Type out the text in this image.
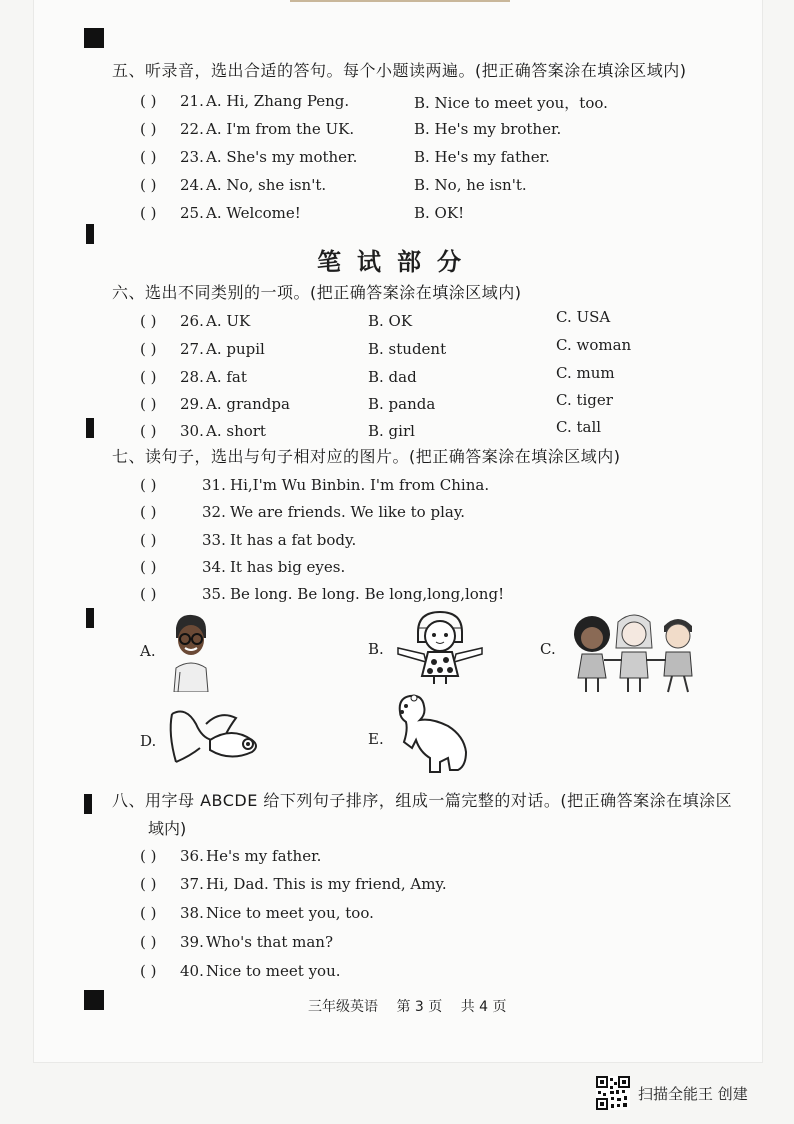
五、听录音，选出合适的答句。每个小题读两遍。(把正确答案涂在填涂区域内)
( ) 21. A. Hi, Zhang Peng.	B. Nice to meet you，too.
( ) 22. A. I'm from the UK.	B. He's my brother.
( ) 23. A. She's my mother.	B. He's my father.
( ) 24. A. No, she isn't.	B. No, he isn't.
( ) 25. A. Welcome!	B. OK!
笔试部分
六、选出不同类别的一项。(把正确答案涂在填涂区域内)
( ) 26. A. UK	B. OK	C. USA
( ) 27. A. pupil	B. student	C. woman
( ) 28. A. fat	B. dad	C. mum
( ) 29. A. grandpa	B. panda	C. tiger
( ) 30. A. short	B. girl	C. tall
七、读句子，选出与句子相对应的图片。(把正确答案涂在填涂区域内)
( )	31. Hi,I'm Wu Binbin. I'm from China.
( )	32. We are friends. We like to play.
( )	33. It has a fat body.
( )	34. It has big eyes.
( )	35. Be long. Be long. Be long,long,long!
A.	B.	C.
D.	E.
八、用字母 ABCDE 给下列句子排序，组成一篇完整的对话。(把正确答案涂在填涂区
域内)
( ) 36. He's my father.
( ) 37. Hi, Dad. This is my friend, Amy.
( ) 38. Nice to meet you, too.
( ) 39. Who's that man?
( ) 40. Nice to meet you.
三年级英语 第 3 页 共 4 页
扫描全能王 创建
